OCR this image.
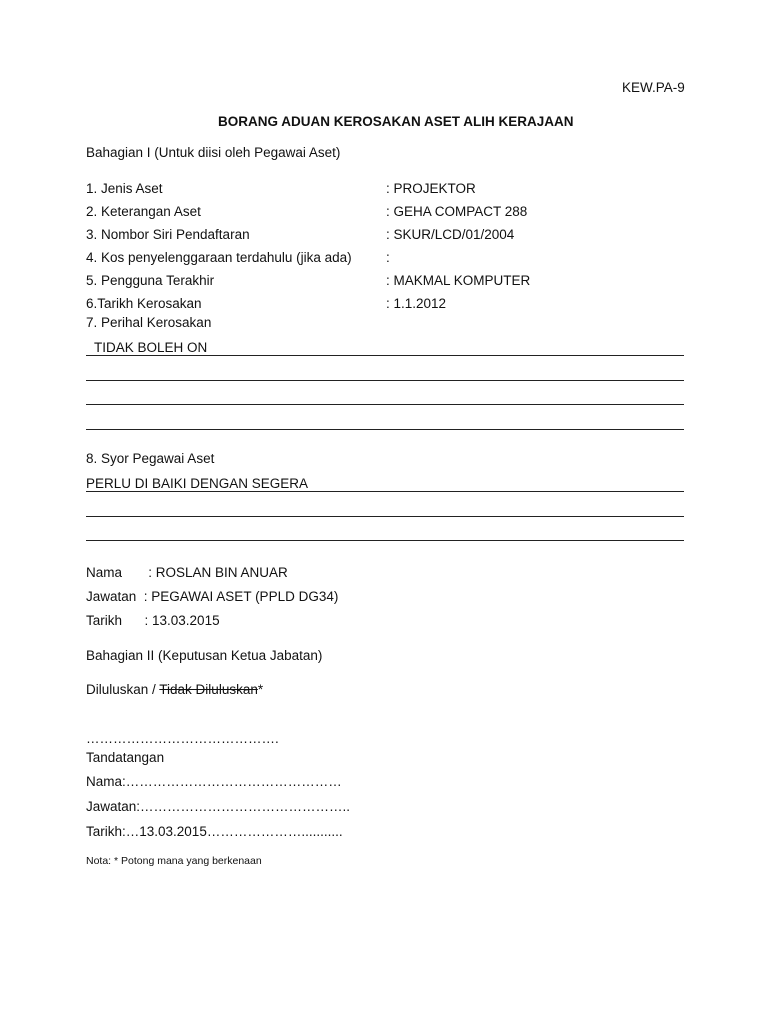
KEW.PA-9
BORANG ADUAN KEROSAKAN ASET ALIH KERAJAAN
Bahagian I (Untuk diisi oleh Pegawai Aset)
1. Jenis Aset	: PROJEKTOR
2. Keterangan Aset	: GEHA COMPACT 288
3. Nombor Siri Pendaftaran	: SKUR/LCD/01/2004
4. Kos penyelenggaraan terdahulu (jika ada)	:
5. Pengguna Terakhir	: MAKMAL KOMPUTER
6.Tarikh Kerosakan	: 1.1.2012
7. Perihal Kerosakan
TIDAK BOLEH ON
8. Syor Pegawai Aset
PERLU DI BAIKI DENGAN SEGERA
Nama       : ROSLAN BIN ANUAR
Jawatan  : PEGAWAI ASET (PPLD DG34)
Tarikh      : 13.03.2015
Bahagian II (Keputusan Ketua Jabatan)
Diluluskan / Tidak Diluluskan*
…………………………………….
Tandatangan
Nama:…………………………………………
Jawatan:………………………………………..
Tarikh:…13.03.2015…………………...........
Nota: * Potong mana yang berkenaan
